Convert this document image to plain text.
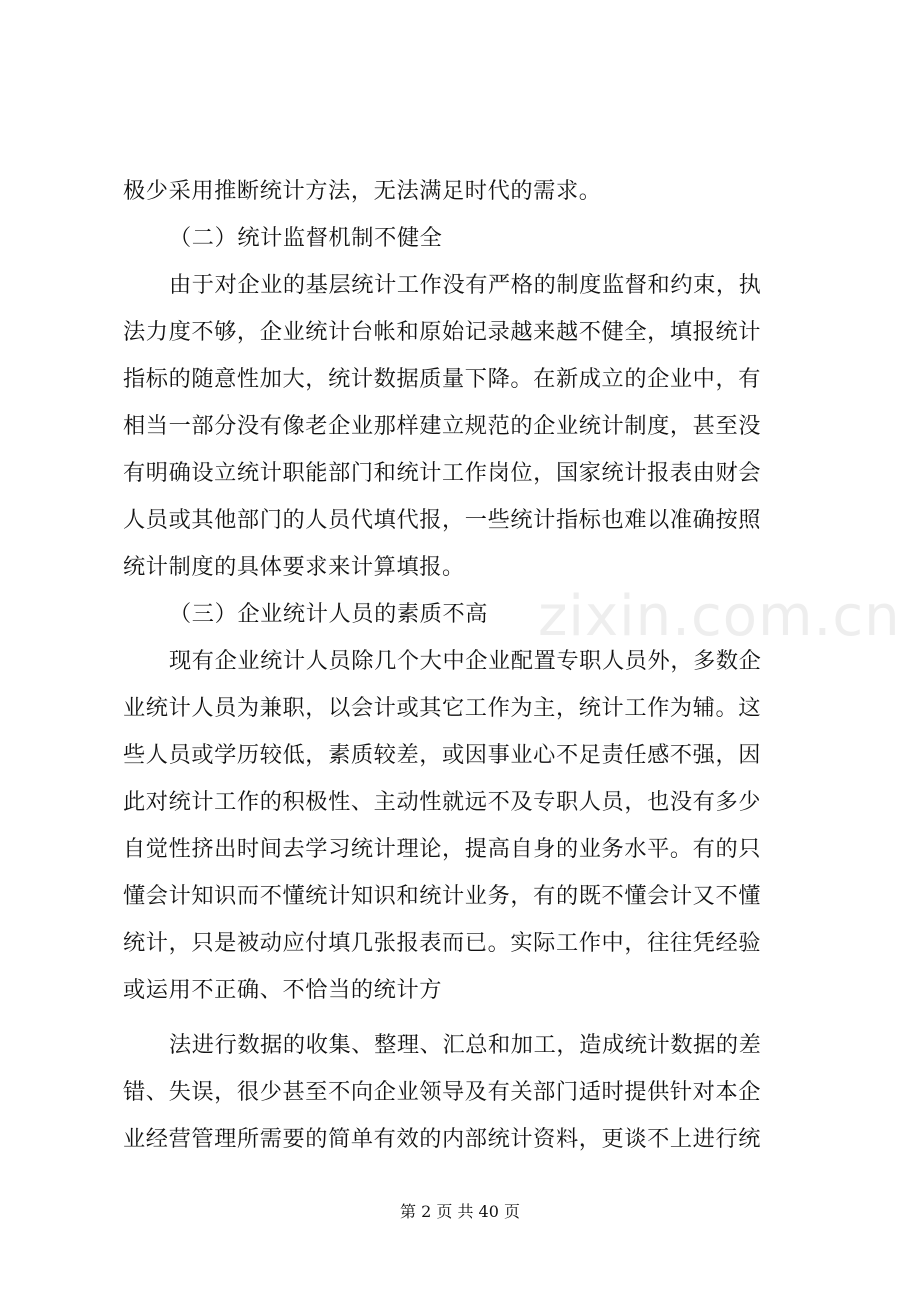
极少采用推断统计方法，无法满足时代的需求。
（二）统计监督机制不健全
由于对企业的基层统计工作没有严格的制度监督和约束，执
法力度不够，企业统计台帐和原始记录越来越不健全，填报统计
指标的随意性加大，统计数据质量下降。在新成立的企业中，有
相当一部分没有像老企业那样建立规范的企业统计制度，甚至没
有明确设立统计职能部门和统计工作岗位，国家统计报表由财会
人员或其他部门的人员代填代报，一些统计指标也难以准确按照
统计制度的具体要求来计算填报。
（三）企业统计人员的素质不高
现有企业统计人员除几个大中企业配置专职人员外，多数企
业统计人员为兼职，以会计或其它工作为主，统计工作为辅。这
些人员或学历较低，素质较差，或因事业心不足责任感不强，因
此对统计工作的积极性、主动性就远不及专职人员，也没有多少
自觉性挤出时间去学习统计理论，提高自身的业务水平。有的只
懂会计知识而不懂统计知识和统计业务，有的既不懂会计又不懂
统计，只是被动应付填几张报表而已。实际工作中，往往凭经验
或运用不正确、不恰当的统计方
法进行数据的收集、整理、汇总和加工，造成统计数据的差
错、失误，很少甚至不向企业领导及有关部门适时提供针对本企
业经营管理所需要的简单有效的内部统计资料，更谈不上进行统
zixin.com.cn
第 2 页 共 40 页
